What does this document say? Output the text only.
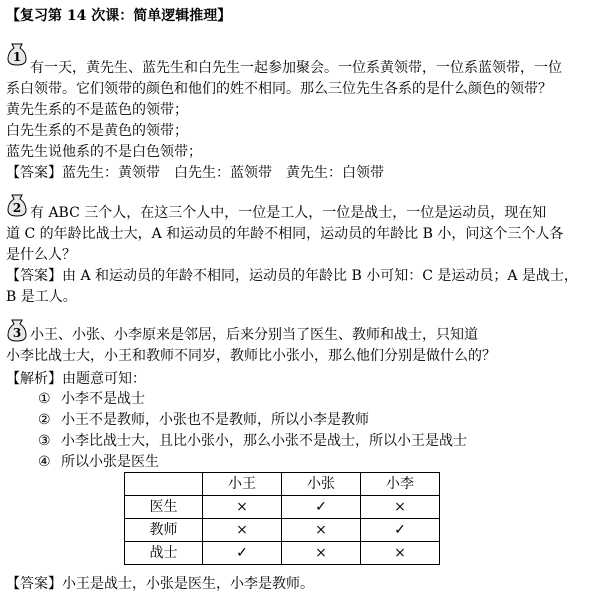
【复习第 14 次课：简单逻辑推理】
1
有一天，黄先生、蓝先生和白先生一起参加聚会。一位系黄领带，一位系蓝领带，一位
系白领带。它们领带的颜色和他们的姓不相同。那么三位先生各系的是什么颜色的领带？
黄先生系的不是蓝色的领带；
白先生系的不是黄色的领带；
蓝先生说他系的不是白色领带；
【答案】蓝先生：黄领带　白先生：蓝领带　黄先生：白领带
2 有 ABC 三个人，在这三个人中，一位是工人，一位是战士，一位是运动员，现在知
道 C 的年龄比战士大，A 和运动员的年龄不相同，运动员的年龄比 B 小，问这个三个人各
是什么人？
【答案】由 A 和运动员的年龄不相同，运动员的年龄比 B 小可知：C 是运动员；A 是战士，
B 是工人。
3 小王、小张、小李原来是邻居，后来分别当了医生、教师和战士，只知道
小李比战士大，小王和教师不同岁，教师比小张小，那么他们分别是做什么的？
【解析】由题意可知：
① 小李不是战士
② 小王不是教师，小张也不是教师，所以小李是教师
③ 小李比战士大，且比小张小，那么小张不是战士，所以小王是战士
④ 所以小张是医生
	小王	小张	小李
医生	×	✓	×
教师	×	×	✓
战士	✓	×	×
【答案】小王是战士，小张是医生，小李是教师。
